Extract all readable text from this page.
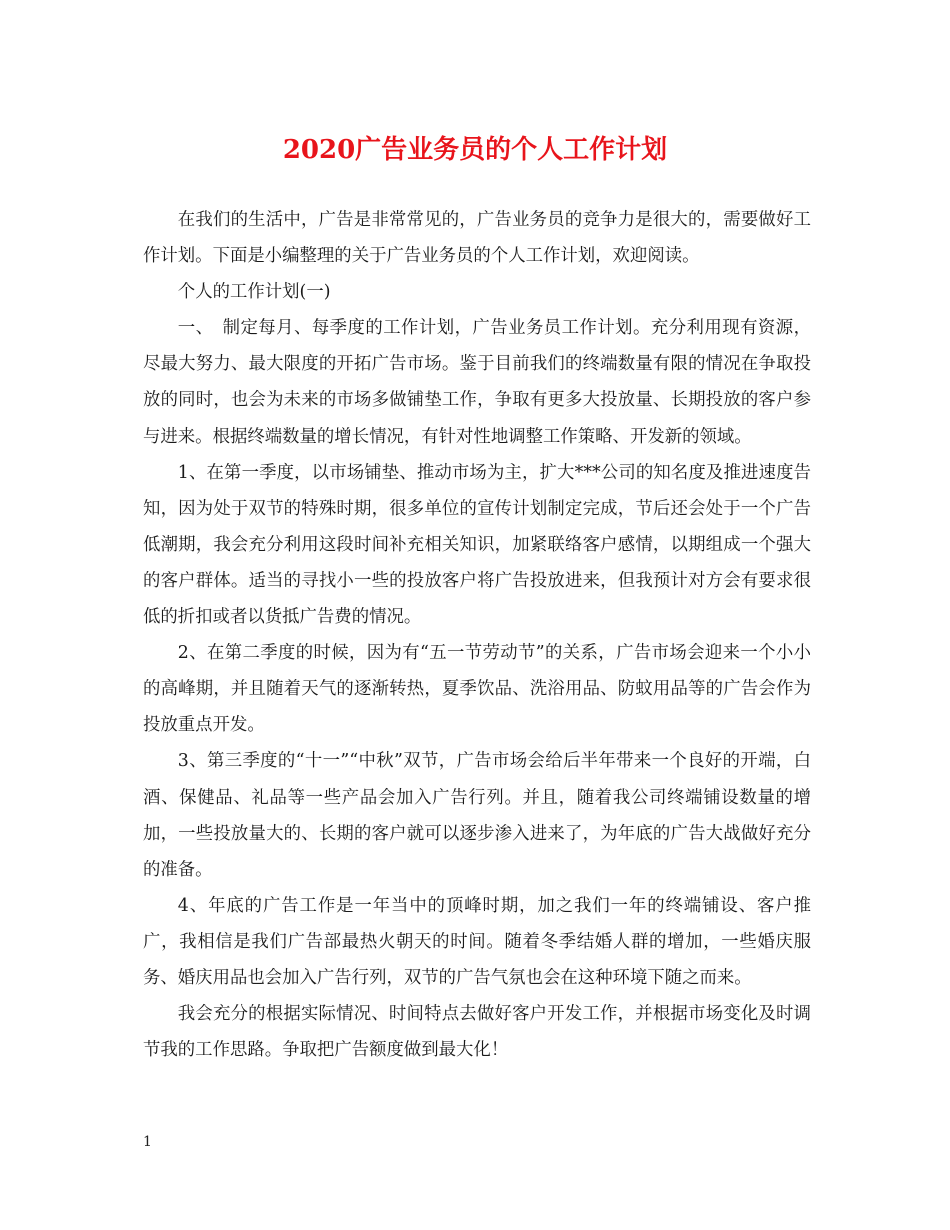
2020广告业务员的个人工作计划

在我们的生活中，广告是非常常见的，广告业务员的竞争力是很大的，需要做好工作计划。下面是小编整理的关于广告业务员的个人工作计划，欢迎阅读。

个人的工作计划(一)

一、　制定每月、每季度的工作计划，广告业务员工作计划。充分利用现有资源，尽最大努力、最大限度的开拓广告市场。鉴于目前我们的终端数量有限的情况在争取投放的同时，也会为未来的市场多做铺垫工作，争取有更多大投放量、长期投放的客户参与进来。根据终端数量的增长情况，有针对性地调整工作策略、开发新的领域。

1、在第一季度，以市场铺垫、推动市场为主，扩大***公司的知名度及推进速度告知，因为处于双节的特殊时期，很多单位的宣传计划制定完成，节后还会处于一个广告低潮期，我会充分利用这段时间补充相关知识，加紧联络客户感情，以期组成一个强大的客户群体。适当的寻找小一些的投放客户将广告投放进来，但我预计对方会有要求很低的折扣或者以货抵广告费的情况。

2、在第二季度的时候，因为有“五一节劳动节”的关系，广告市场会迎来一个小小的高峰期，并且随着天气的逐渐转热，夏季饮品、洗浴用品、防蚊用品等的广告会作为投放重点开发。

3、第三季度的“十一”“中秋”双节，广告市场会给后半年带来一个良好的开端，白酒、保健品、礼品等一些产品会加入广告行列。并且，随着我公司终端铺设数量的增加，一些投放量大的、长期的客户就可以逐步渗入进来了，为年底的广告大战做好充分的准备。

4、年底的广告工作是一年当中的顶峰时期，加之我们一年的终端铺设、客户推广，我相信是我们广告部最热火朝天的时间。随着冬季结婚人群的增加，一些婚庆服务、婚庆用品也会加入广告行列，双节的广告气氛也会在这种环境下随之而来。

我会充分的根据实际情况、时间特点去做好客户开发工作，并根据市场变化及时调节我的工作思路。争取把广告额度做到最大化！

1
